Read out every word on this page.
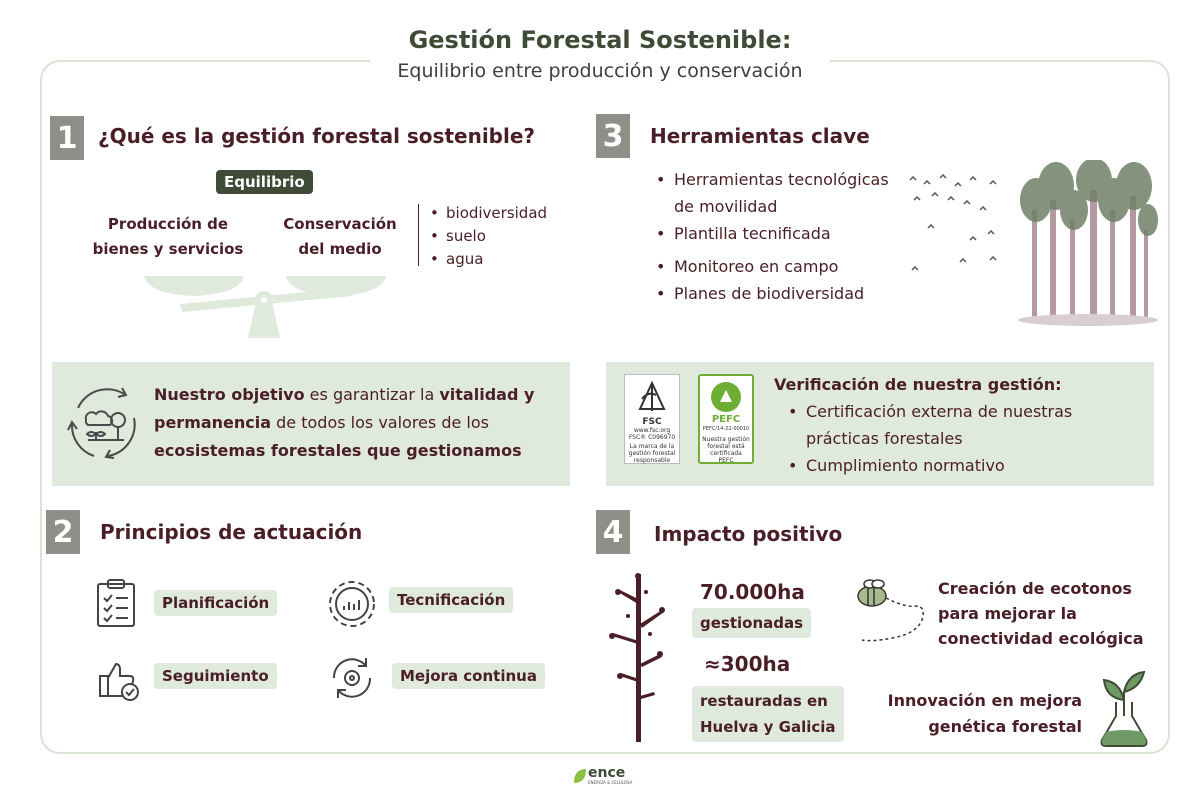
Gestión Forestal Sostenible:
Equilibrio entre producción y conservación
1	¿Qué es la gestión forestal sostenible?
Equilibrio
Producción de
bienes y servicios
Conservación
del medio
• biodiversidad
• suelo
• agua
Nuestro objetivo es garantizar la vitalidad y
permanencia de todos los valores de los
ecosistemas forestales que gestionamos
3	Herramientas clave
• Herramientas tecnológicas
de movilidad
• Plantilla tecnificada
• Monitoreo en campo
• Planes de biodiversidad
FSC
www.fsc.org
FSC® C096970
La marca de la gestión forestal responsable
PEFC
PEFC/14-22-00010
Nuestra gestión forestal está certificada PEFC
Verificación de nuestra gestión:
• Certificación externa de nuestras
prácticas forestales
• Cumplimiento normativo
2	Principios de actuación
Planificación	Tecnificación
Seguimiento	Mejora continua
4	Impacto positivo
70.000ha
gestionadas
≈300ha
restauradas en
Huelva y Galicia
Creación de ecotonos
para mejorar la
conectividad ecológica
Innovación en mejora
genética forestal
ence
ENERGÍA & CELULOSA
